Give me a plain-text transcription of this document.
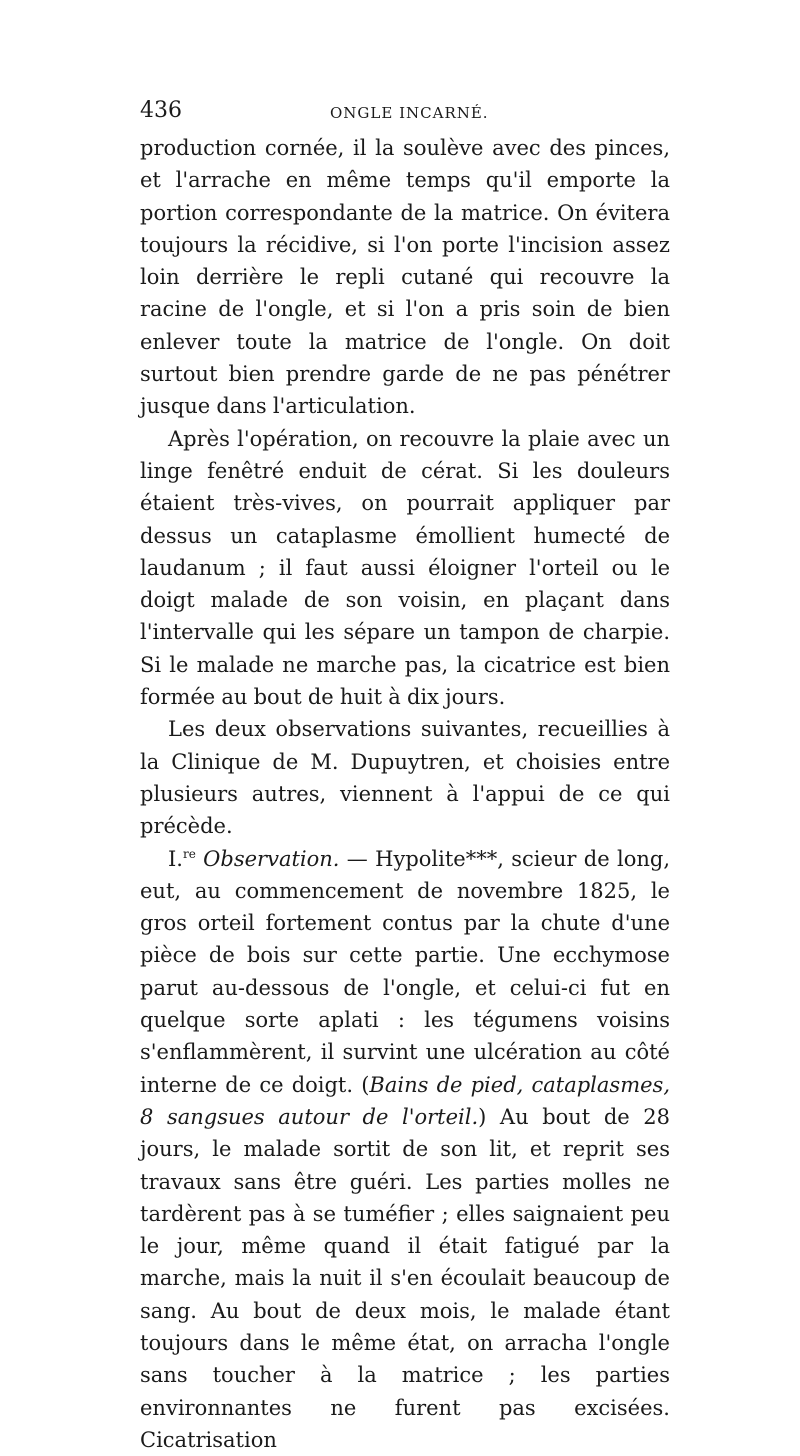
436	ONGLE INCARNÉ.

production cornée, il la soulève avec des pinces, et l'arrache en même temps qu'il emporte la portion correspondante de la matrice. On évitera toujours la récidive, si l'on porte l'incision assez loin derrière le repli cutané qui recouvre la racine de l'ongle, et si l'on a pris soin de bien enlever toute la matrice de l'ongle. On doit surtout bien prendre garde de ne pas pénétrer jusque dans l'articulation.

Après l'opération, on recouvre la plaie avec un linge fenêtré enduit de cérat. Si les douleurs étaient très-vives, on pourrait appliquer par dessus un cataplasme émollient humecté de laudanum ; il faut aussi éloigner l'orteil ou le doigt malade de son voisin, en plaçant dans l'intervalle qui les sépare un tampon de charpie. Si le malade ne marche pas, la cicatrice est bien formée au bout de huit à dix jours.

Les deux observations suivantes, recueillies à la Clinique de M. Dupuytren, et choisies entre plusieurs autres, viennent à l'appui de ce qui précède.

I.$^{re}$ Observation. — Hypolite***, scieur de long, eut, au commencement de novembre 1825, le gros orteil fortement contus par la chute d'une pièce de bois sur cette partie. Une ecchymose parut au-dessous de l'ongle, et celui-ci fut en quelque sorte aplati : les tégumens voisins s'enflammèrent, il survint une ulcération au côté interne de ce doigt. (Bains de pied, cataplasmes, 8 sangsues autour de l'orteil.) Au bout de 28 jours, le malade sortit de son lit, et reprit ses travaux sans être guéri. Les parties molles ne tardèrent pas à se tuméfier ; elles saignaient peu le jour, même quand il était fatigué par la marche, mais la nuit il s'en écoulait beaucoup de sang. Au bout de deux mois, le malade étant toujours dans le même état, on arracha l'ongle sans toucher à la matrice ; les parties environnantes ne furent pas excisées. Cicatrisation
